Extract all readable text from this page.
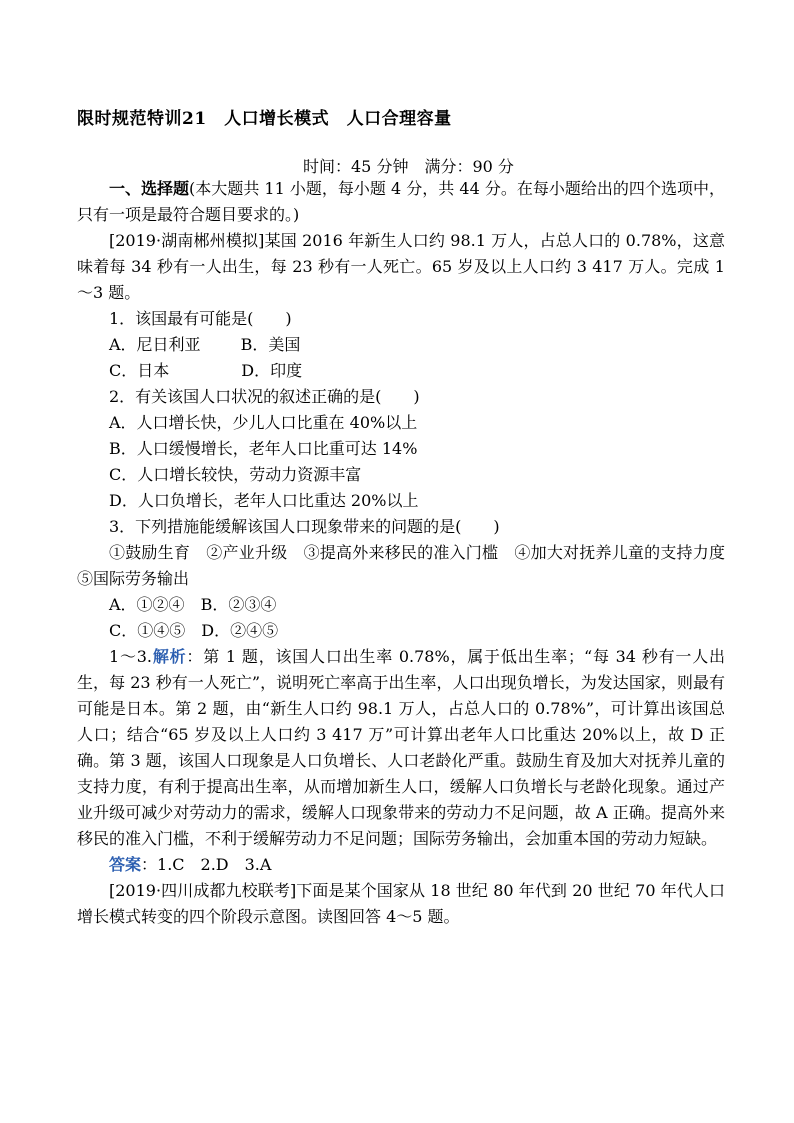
限时规范特训21　人口增长模式　人口合理容量
时间：45 分钟　满分：90 分
一、选择题(本大题共 11 小题，每小题 4 分，共 44 分。在每小题给出的四个选项中，只有一项是最符合题目要求的。)
[2019·湖南郴州模拟]某国 2016 年新生人口约 98.1 万人，占总人口的 0.78%，这意味着每 34 秒有一人出生，每 23 秒有一人死亡。65 岁及以上人口约 3 417 万人。完成 1～3 题。
1．该国最有可能是(　　)
A．尼日利亚	B．美国
C．日本	D．印度
2．有关该国人口状况的叙述正确的是(　　)
A．人口增长快，少儿人口比重在 40%以上
B．人口缓慢增长，老年人口比重可达 14%
C．人口增长较快，劳动力资源丰富
D．人口负增长，老年人口比重达 20%以上
3．下列措施能缓解该国人口现象带来的问题的是(　　)
①鼓励生育　②产业升级　③提高外来移民的准入门槛　④加大对抚养儿童的支持力度　⑤国际劳务输出
A．①②④ B．②③④
C．①④⑤ D．②④⑤
1～3.解析：第 1 题，该国人口出生率 0.78%，属于低出生率；“每 34 秒有一人出生，每 23 秒有一人死亡”，说明死亡率高于出生率，人口出现负增长，为发达国家，则最有可能是日本。第 2 题，由“新生人口约 98.1 万人，占总人口的 0.78%”，可计算出该国总人口；结合“65 岁及以上人口约 3 417 万”可计算出老年人口比重达 20%以上，故 D 正确。第 3 题，该国人口现象是人口负增长、人口老龄化严重。鼓励生育及加大对抚养儿童的支持力度，有利于提高出生率，从而增加新生人口，缓解人口负增长与老龄化现象。通过产业升级可减少对劳动力的需求，缓解人口现象带来的劳动力不足问题，故 A 正确。提高外来移民的准入门槛，不利于缓解劳动力不足问题；国际劳务输出，会加重本国的劳动力短缺。
答案：1.C　2.D　3.A
[2019·四川成都九校联考]下面是某个国家从 18 世纪 80 年代到 20 世纪 70 年代人口增长模式转变的四个阶段示意图。读图回答 4～5 题。
